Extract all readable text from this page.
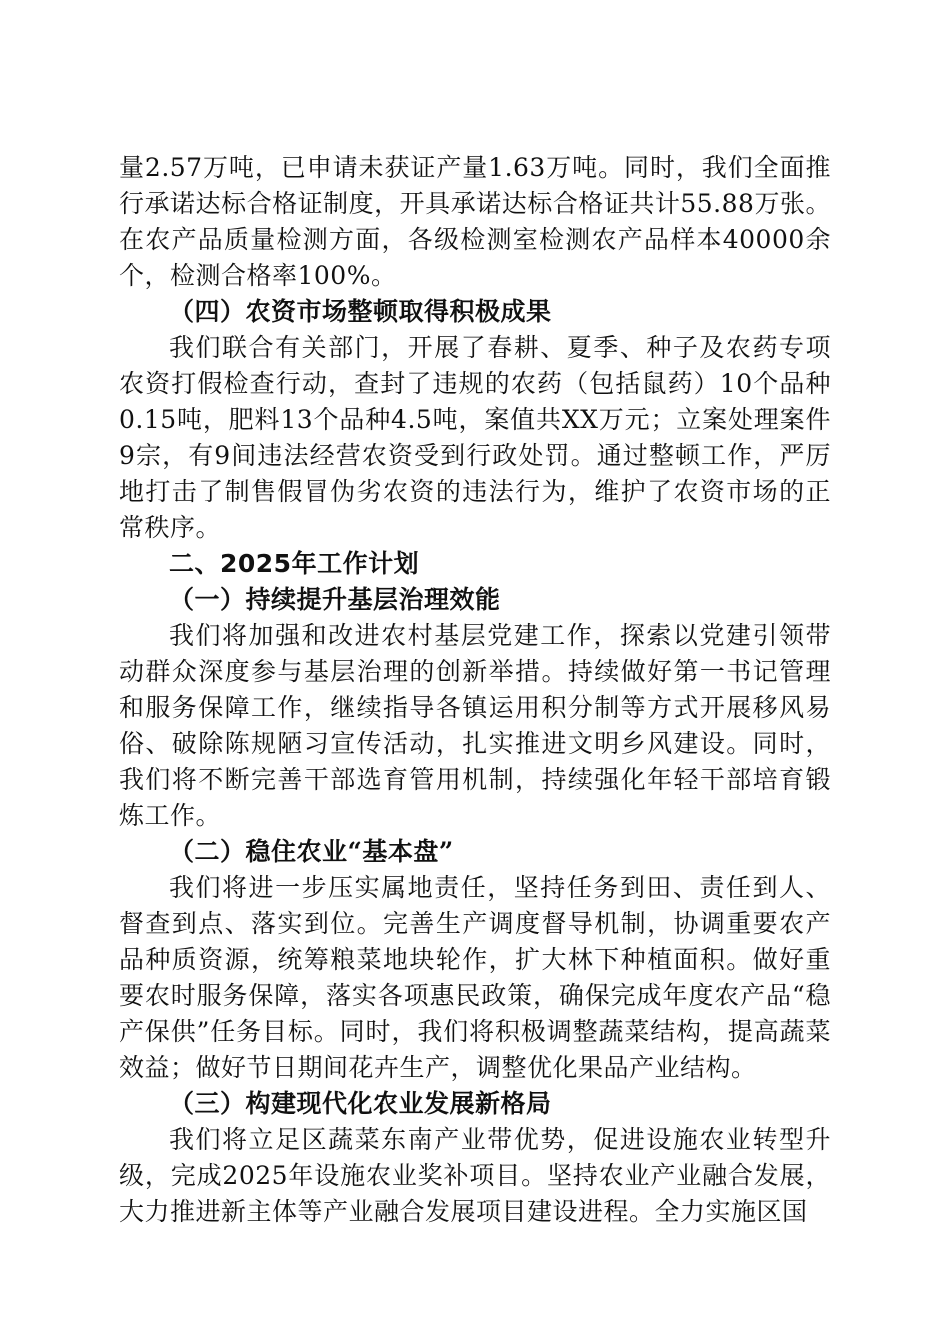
量2.57万吨，已申请未获证产量1.63万吨。同时，我们全面推行承诺达标合格证制度，开具承诺达标合格证共计55.88万张。在农产品质量检测方面，各级检测室检测农产品样本40000余个，检测合格率100%。

（四）农资市场整顿取得积极成果

我们联合有关部门，开展了春耕、夏季、种子及农药专项农资打假检查行动，查封了违规的农药（包括鼠药）10个品种0.15吨，肥料13个品种4.5吨，案值共XX万元；立案处理案件9宗，有9间违法经营农资受到行政处罚。通过整顿工作，严厉地打击了制售假冒伪劣农资的违法行为，维护了农资市场的正常秩序。

二、2025年工作计划

（一）持续提升基层治理效能

我们将加强和改进农村基层党建工作，探索以党建引领带动群众深度参与基层治理的创新举措。持续做好第一书记管理和服务保障工作，继续指导各镇运用积分制等方式开展移风易俗、破除陈规陋习宣传活动，扎实推进文明乡风建设。同时，我们将不断完善干部选育管用机制，持续强化年轻干部培育锻炼工作。

（二）稳住农业“基本盘”

我们将进一步压实属地责任，坚持任务到田、责任到人、督查到点、落实到位。完善生产调度督导机制，协调重要农产品种质资源，统筹粮菜地块轮作，扩大林下种植面积。做好重要农时服务保障，落实各项惠民政策，确保完成年度农产品“稳产保供”任务目标。同时，我们将积极调整蔬菜结构，提高蔬菜效益；做好节日期间花卉生产，调整优化果品产业结构。

（三）构建现代化农业发展新格局

我们将立足区蔬菜东南产业带优势，促进设施农业转型升级，完成2025年设施农业奖补项目。坚持农业产业融合发展，大力推进新主体等产业融合发展项目建设进程。全力实施区国
